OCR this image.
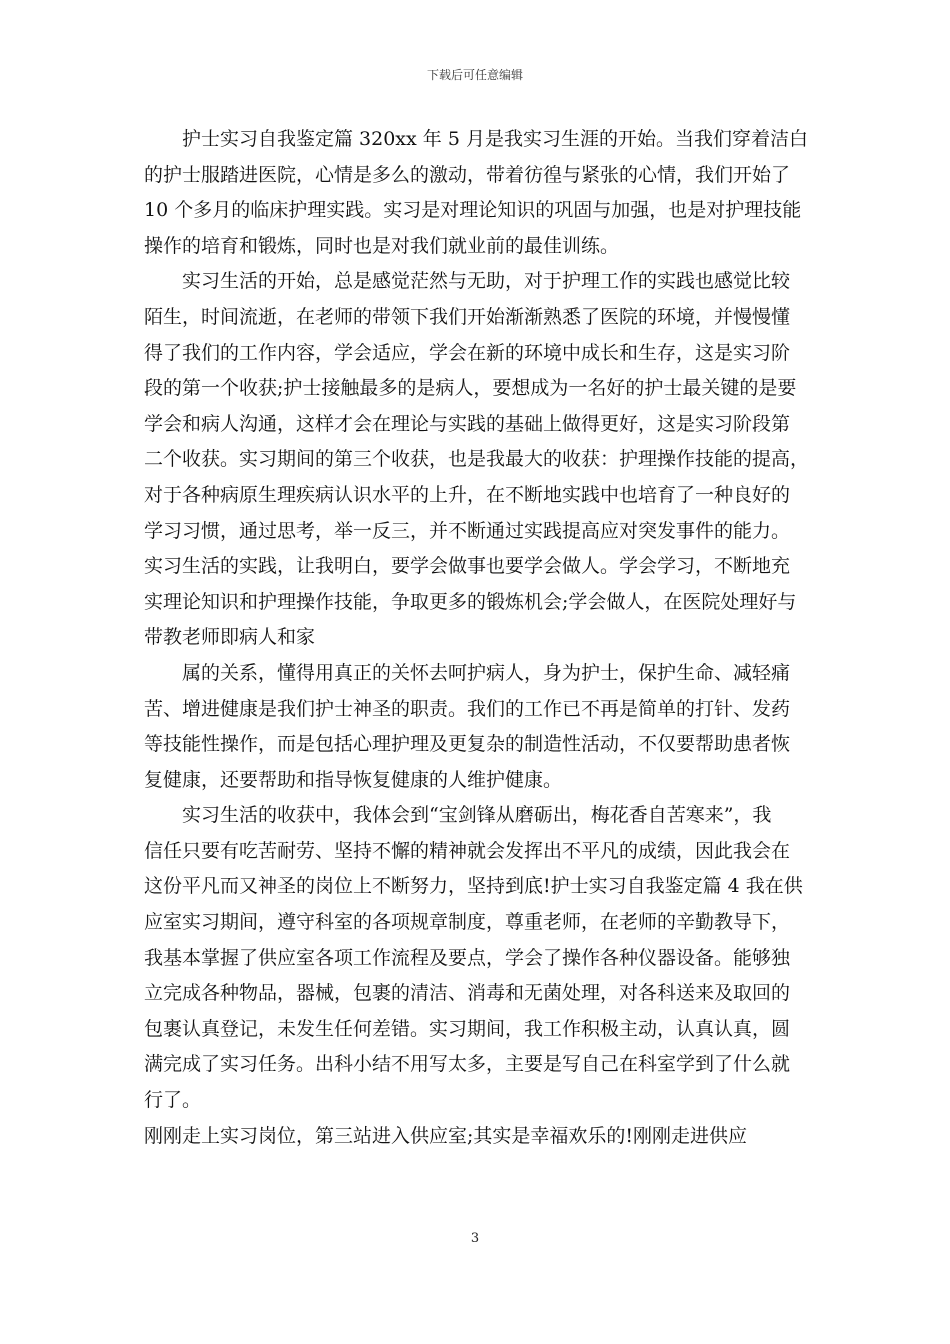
下载后可任意编辑

护士实习自我鉴定篇 320xx 年 5 月是我实习生涯的开始。当我们穿着洁白
的护士服踏进医院，心情是多么的激动，带着彷徨与紧张的心情，我们开始了
10 个多月的临床护理实践。实习是对理论知识的巩固与加强，也是对护理技能
操作的培育和锻炼，同时也是对我们就业前的最佳训练。

实习生活的开始，总是感觉茫然与无助，对于护理工作的实践也感觉比较
陌生，时间流逝，在老师的带领下我们开始渐渐熟悉了医院的环境，并慢慢懂
得了我们的工作内容，学会适应，学会在新的环境中成长和生存，这是实习阶
段的第一个收获;护士接触最多的是病人，要想成为一名好的护士最关键的是要
学会和病人沟通，这样才会在理论与实践的基础上做得更好，这是实习阶段第
二个收获。实习期间的第三个收获，也是我最大的收获：护理操作技能的提高，
对于各种病原生理疾病认识水平的上升，在不断地实践中也培育了一种良好的
学习习惯，通过思考，举一反三，并不断通过实践提高应对突发事件的能力。
实习生活的实践，让我明白，要学会做事也要学会做人。学会学习，不断地充
实理论知识和护理操作技能，争取更多的锻炼机会;学会做人，在医院处理好与
带教老师即病人和家

属的关系，懂得用真正的关怀去呵护病人，身为护士，保护生命、减轻痛
苦、增进健康是我们护士神圣的职责。我们的工作已不再是简单的打针、发药
等技能性操作，而是包括心理护理及更复杂的制造性活动，不仅要帮助患者恢
复健康，还要帮助和指导恢复健康的人维护健康。

实习生活的收获中，我体会到“宝剑锋从磨砺出，梅花香自苦寒来”，我
信任只要有吃苦耐劳、坚持不懈的精神就会发挥出不平凡的成绩，因此我会在
这份平凡而又神圣的岗位上不断努力，坚持到底!护士实习自我鉴定篇 4 我在供
应室实习期间，遵守科室的各项规章制度，尊重老师，在老师的辛勤教导下，
我基本掌握了供应室各项工作流程及要点，学会了操作各种仪器设备。能够独
立完成各种物品，器械，包裹的清洁、消毒和无菌处理，对各科送来及取回的
包裹认真登记，未发生任何差错。实习期间，我工作积极主动，认真认真，圆
满完成了实习任务。出科小结不用写太多，主要是写自己在科室学到了什么就
行了。

刚刚走上实习岗位，第三站进入供应室;其实是幸福欢乐的!刚刚走进供应

3
